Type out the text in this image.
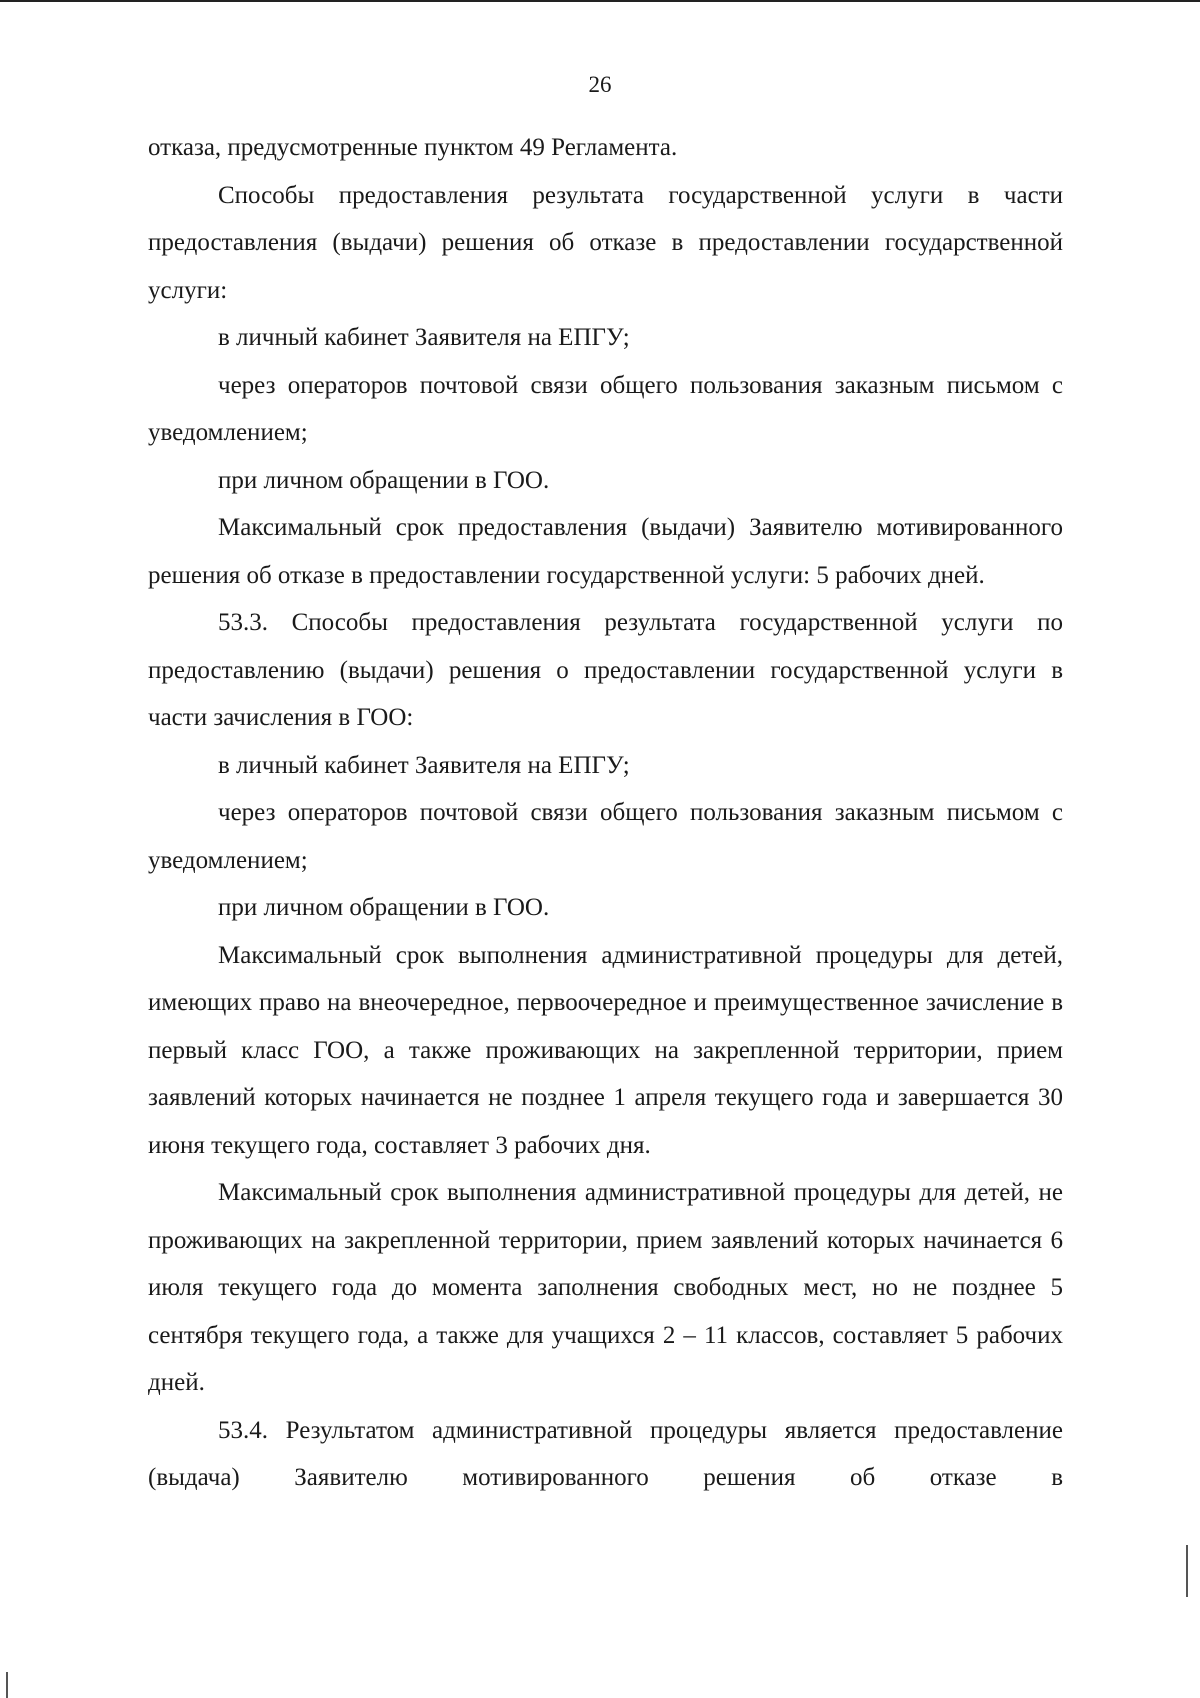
26

отказа, предусмотренные пунктом 49 Регламента.

Способы предоставления результата государственной услуги в части предоставления (выдачи) решения об отказе в предоставлении государственной услуги:

в личный кабинет Заявителя на ЕПГУ;

через операторов почтовой связи общего пользования заказным письмом с уведомлением;

при личном обращении в ГОО.

Максимальный срок предоставления (выдачи) Заявителю мотивированного решения об отказе в предоставлении государственной услуги: 5 рабочих дней.

53.3. Способы предоставления результата государственной услуги по предоставлению (выдачи) решения о предоставлении государственной услуги в части зачисления в ГОО:

в личный кабинет Заявителя на ЕПГУ;

через операторов почтовой связи общего пользования заказным письмом с уведомлением;

при личном обращении в ГОО.

Максимальный срок выполнения административной процедуры для детей, имеющих право на внеочередное, первоочередное и преимущественное зачисление в первый класс ГОО, а также проживающих на закрепленной территории, прием заявлений которых начинается не позднее 1 апреля текущего года и завершается 30 июня текущего года, составляет 3 рабочих дня.

Максимальный срок выполнения административной процедуры для детей, не проживающих на закрепленной территории, прием заявлений которых начинается 6 июля текущего года до момента заполнения свободных мест, но не позднее 5 сентября текущего года, а также для учащихся 2 – 11 классов, составляет 5 рабочих дней.

53.4. Результатом административной процедуры является предоставление (выдача) Заявителю мотивированного решения об отказе в
